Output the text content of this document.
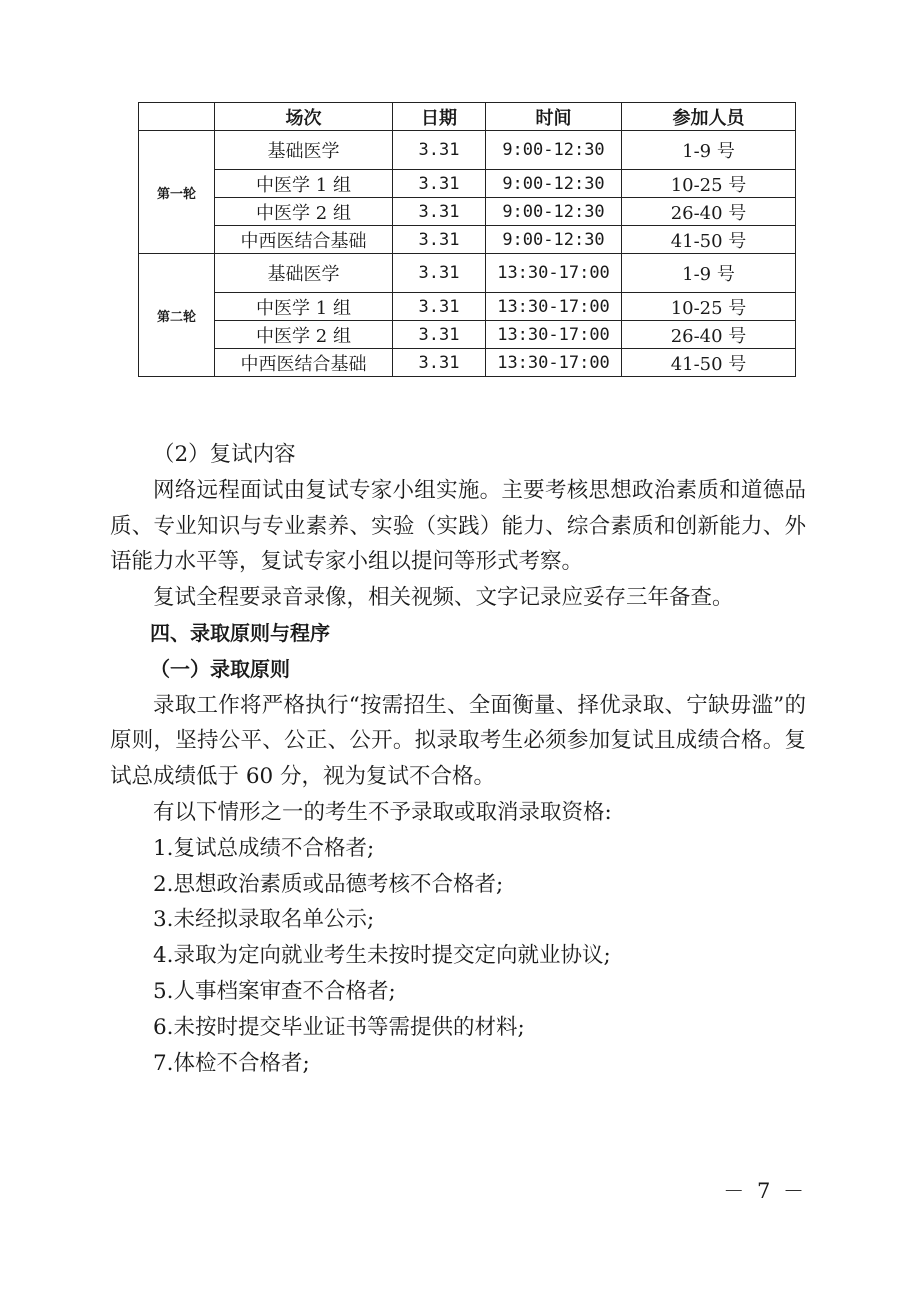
	场次	日期	时间	参加人员
第一轮	基础医学	3.31	9:00-12:30	1-9 号
	中医学 1 组	3.31	9:00-12:30	10-25 号
	中医学 2 组	3.31	9:00-12:30	26-40 号
	中西医结合基础	3.31	9:00-12:30	41-50 号
第二轮	基础医学	3.31	13:30-17:00	1-9 号
	中医学 1 组	3.31	13:30-17:00	10-25 号
	中医学 2 组	3.31	13:30-17:00	26-40 号
	中西医结合基础	3.31	13:30-17:00	41-50 号

（2）复试内容

网络远程面试由复试专家小组实施。主要考核思想政治素质和道德品质、专业知识与专业素养、实验（实践）能力、综合素质和创新能力、外语能力水平等，复试专家小组以提问等形式考察。

复试全程要录音录像，相关视频、文字记录应妥存三年备查。

四、录取原则与程序

（一）录取原则

录取工作将严格执行“按需招生、全面衡量、择优录取、宁缺毋滥”的原则，坚持公平、公正、公开。拟录取考生必须参加复试且成绩合格。复试总成绩低于 60 分，视为复试不合格。

有以下情形之一的考生不予录取或取消录取资格:

1.复试总成绩不合格者;

2.思想政治素质或品德考核不合格者;

3.未经拟录取名单公示;

4.录取为定向就业考生未按时提交定向就业协议;

5.人事档案审查不合格者;

6.未按时提交毕业证书等需提供的材料;

7.体检不合格者;

－ 7 －
